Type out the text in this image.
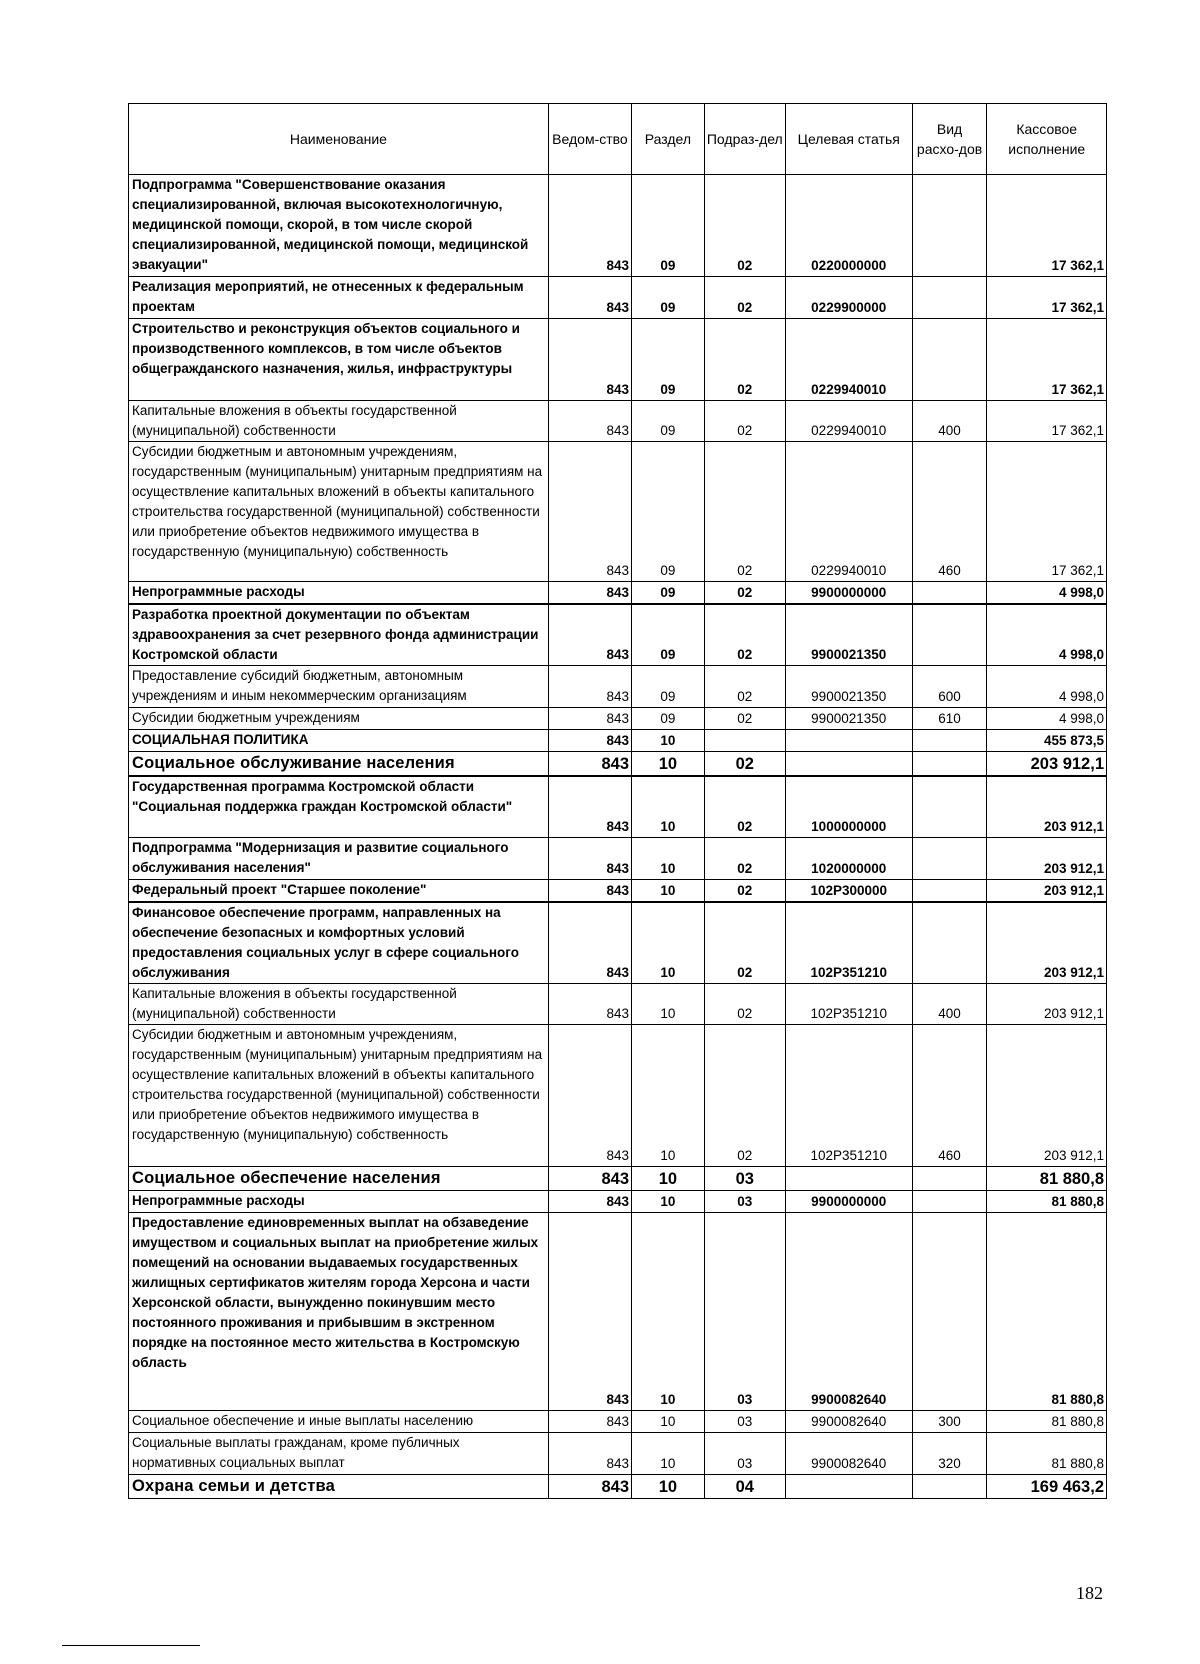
Наименование	Ведом-ство	Раздел	Подраз-дел	Целевая статья	Вид расхо-дов	Кассовое исполнение
Подпрограмма "Совершенствование оказания специализированной, включая высокотехнологичную, медицинской помощи, скорой, в том числе скорой специализированной, медицинской помощи, медицинской эвакуации"	843	09	02	0220000000		17 362,1
Реализация мероприятий, не отнесенных к федеральным проектам	843	09	02	0229900000		17 362,1
Строительство и реконструкция объектов социального и производственного комплексов, в том числе объектов общегражданского назначения, жилья, инфраструктуры	843	09	02	0229940010		17 362,1
Капитальные вложения в объекты государственной (муниципальной) собственности	843	09	02	0229940010	400	17 362,1
Субсидии бюджетным и автономным учреждениям, государственным (муниципальным) унитарным предприятиям на осуществление капитальных вложений в объекты капитального строительства государственной (муниципальной) собственности или приобретение объектов недвижимого имущества в государственную (муниципальную) собственность	843	09	02	0229940010	460	17 362,1
Непрограммные расходы	843	09	02	9900000000		4 998,0
Разработка проектной документации по объектам здравоохранения за счет резервного фонда администрации Костромской области	843	09	02	9900021350		4 998,0
Предоставление субсидий бюджетным, автономным учреждениям и иным некоммерческим организациям	843	09	02	9900021350	600	4 998,0
Субсидии бюджетным учреждениям	843	09	02	9900021350	610	4 998,0
СОЦИАЛЬНАЯ ПОЛИТИКА	843	10				455 873,5
Социальное обслуживание населения	843	10	02			203 912,1
Государственная программа Костромской области "Социальная поддержка граждан Костромской области"	843	10	02	1000000000		203 912,1
Подпрограмма "Модернизация и развитие социального обслуживания населения"	843	10	02	1020000000		203 912,1
Федеральный проект "Старшее поколение"	843	10	02	102P300000		203 912,1
Финансовое обеспечение программ, направленных на обеспечение безопасных и комфортных условий предоставления социальных услуг в сфере социального обслуживания	843	10	02	102P351210		203 912,1
Капитальные вложения в объекты государственной (муниципальной) собственности	843	10	02	102P351210	400	203 912,1
Субсидии бюджетным и автономным учреждениям, государственным (муниципальным) унитарным предприятиям на осуществление капитальных вложений в объекты капитального строительства государственной (муниципальной) собственности или приобретение объектов недвижимого имущества в государственную (муниципальную) собственность	843	10	02	102P351210	460	203 912,1
Социальное обеспечение населения	843	10	03			81 880,8
Непрограммные расходы	843	10	03	9900000000		81 880,8
Предоставление единовременных выплат на обзаведение имуществом и социальных выплат на приобретение жилых помещений на основании выдаваемых государственных жилищных сертификатов жителям города Херсона и части Херсонской области, вынужденно покинувшим место постоянного проживания и прибывшим в экстренном порядке на постоянное место жительства в Костромскую область	843	10	03	9900082640		81 880,8
Социальное обеспечение и иные выплаты населению	843	10	03	9900082640	300	81 880,8
Социальные выплаты гражданам, кроме публичных нормативных социальных выплат	843	10	03	9900082640	320	81 880,8
Охрана семьи и детства	843	10	04			169 463,2
182
